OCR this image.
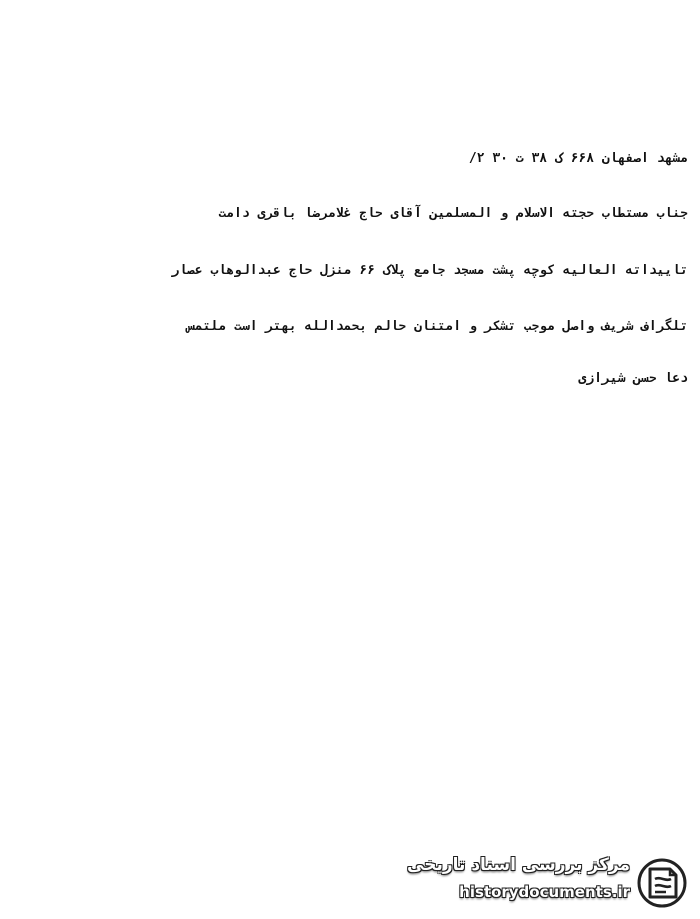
مشهد اصفهان ۶۶۸ ک ۳۸ ت ۳۰ ۲/
جناب مستطاب حجته الاسلام و المسلمین آقای حاج غلامرضا باقری دامت
تاییداته العالیه کوچه پشت مسجد جامع پلاک ۶۶ منزل حاج عبدالوهاب عصار
تلگراف شریف واصل موجب تشکر و امتنان حالم بحمدالله بهتر است ملتمس
دعا حسن شیرازی
مرکز بررسی اسناد تاریخی
historydocuments.ir
